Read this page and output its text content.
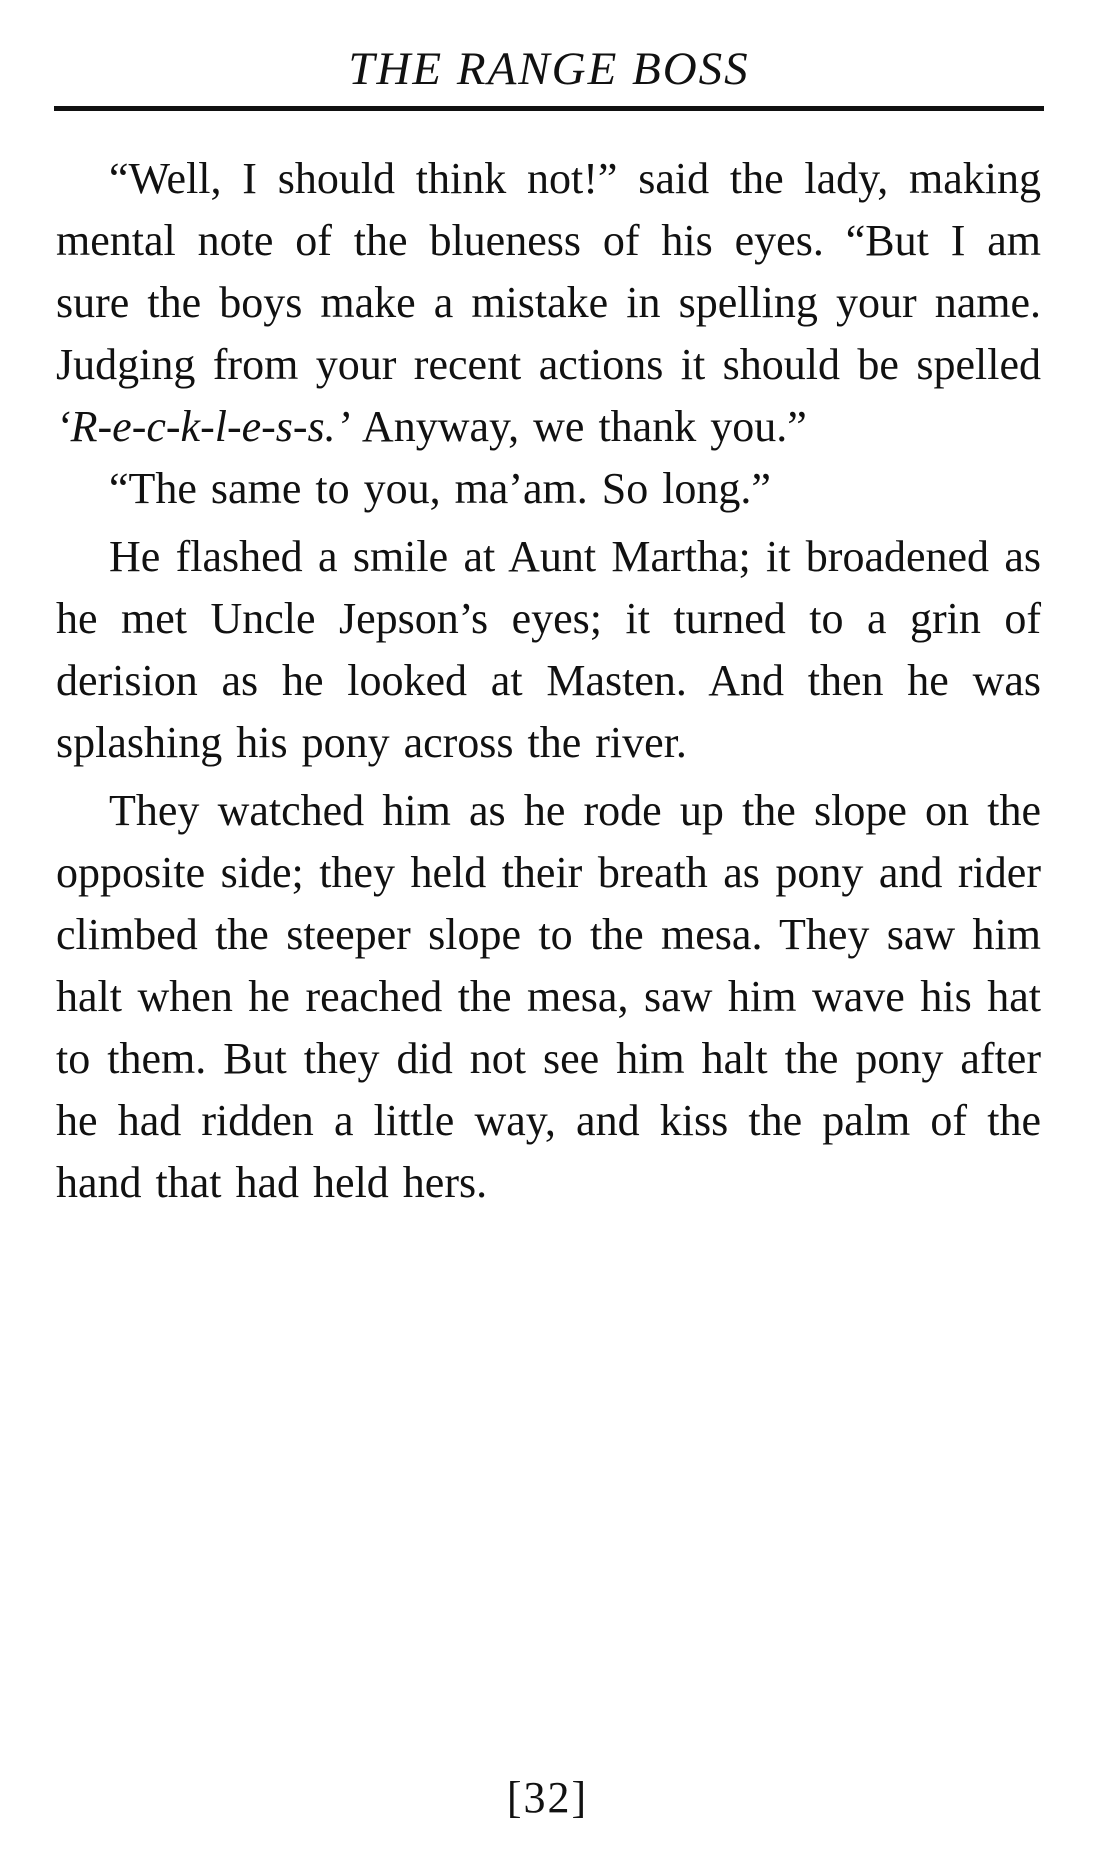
THE RANGE BOSS

“Well, I should think not!” said the lady, making mental note of the blueness of his eyes. “But I am sure the boys make a mistake in spelling your name. Judging from your recent actions it should be spelled ‘R-e-c-k-l-e-s-s.’ Anyway, we thank you.”

“The same to you, ma’am. So long.”

He flashed a smile at Aunt Martha; it broadened as he met Uncle Jepson’s eyes; it turned to a grin of derision as he looked at Masten. And then he was splashing his pony across the river.

They watched him as he rode up the slope on the opposite side; they held their breath as pony and rider climbed the steeper slope to the mesa. They saw him halt when he reached the mesa, saw him wave his hat to them. But they did not see him halt the pony after he had ridden a little way, and kiss the palm of the hand that had held hers.

[32]
